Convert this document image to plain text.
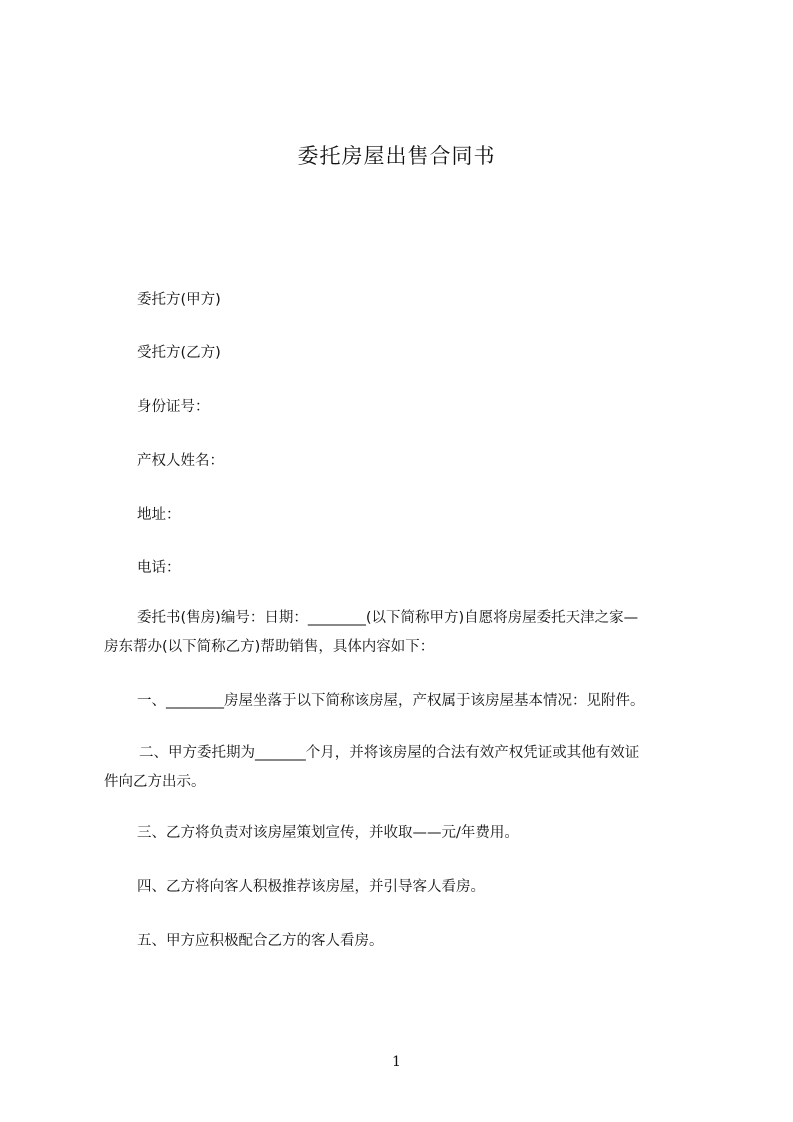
委托房屋出售合同书
委托方(甲方)
受托方(乙方)
身份证号：
产权人姓名：
地址：
电话：
委托书(售房)编号：日期：________(以下简称甲方)自愿将房屋委托天津之家—
房东帮办(以下简称乙方)帮助销售，具体内容如下：
一、________房屋坐落于以下简称该房屋，产权属于该房屋基本情况：见附件。
二、甲方委托期为_______个月，并将该房屋的合法有效产权凭证或其他有效证
件向乙方出示。
三、乙方将负责对该房屋策划宣传，并收取——元/年费用。
四、乙方将向客人积极推荐该房屋，并引导客人看房。
五、甲方应积极配合乙方的客人看房。
1
